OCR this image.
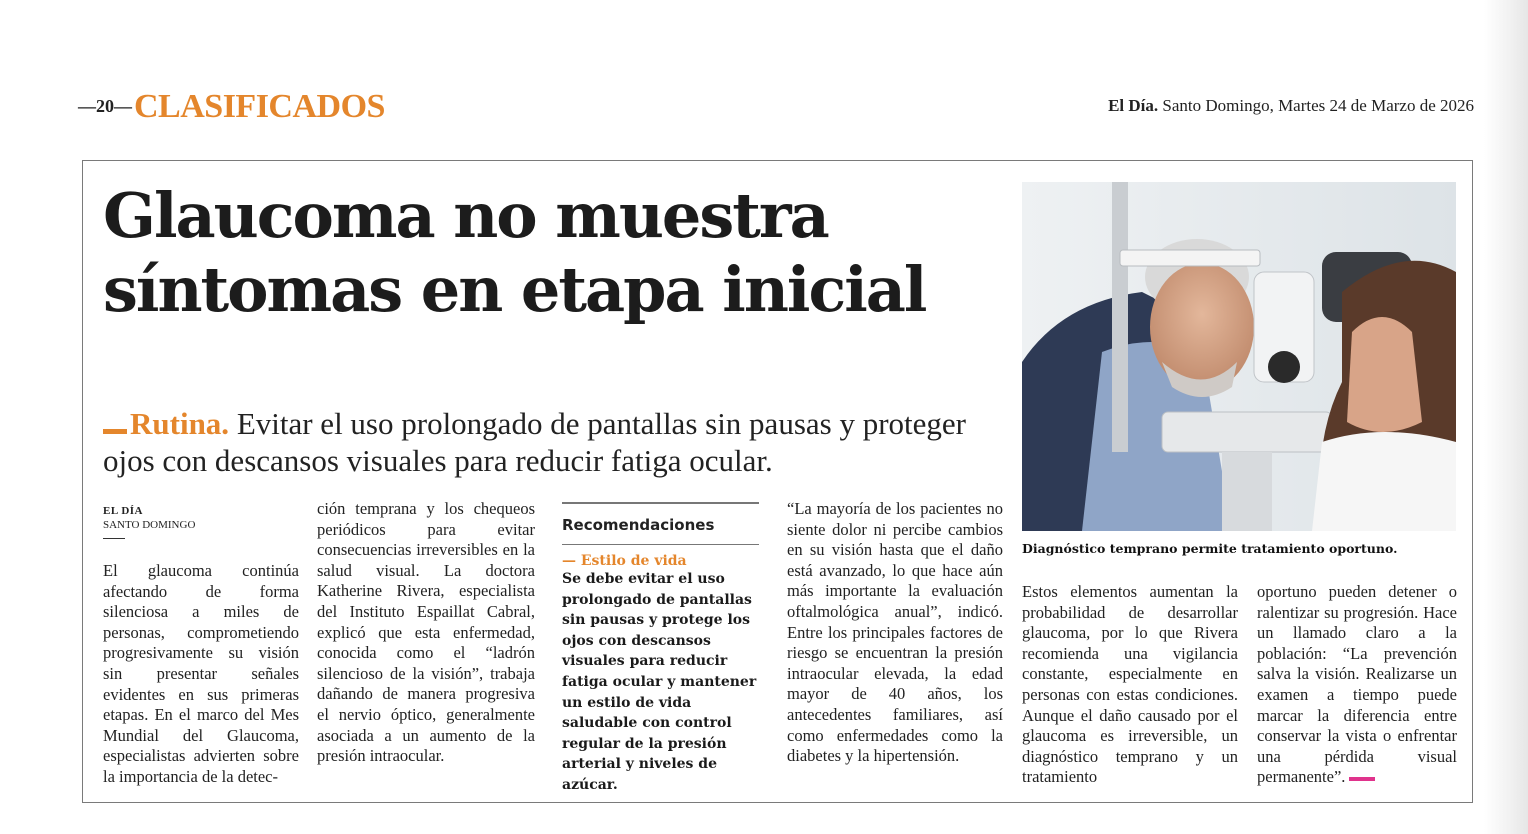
—20— CLASIFICADOS	El Día. Santo Domingo, Martes 24 de Marzo de 2026
Glaucoma no muestra
síntomas en etapa inicial
Rutina. Evitar el uso prolongado de pantallas sin pausas y proteger ojos con descansos visuales para reducir fatiga ocular.
Diagnóstico temprano permite tratamiento oportuno.
EL DÍA
SANTO DOMINGO

El glaucoma continúa afectando de forma silenciosa a miles de personas, comprometiendo progresivamente su visión sin presentar señales evidentes en sus primeras etapas. En el marco del Mes Mundial del Glaucoma, especialistas advierten sobre la importancia de la detec-

ción temprana y los chequeos periódicos para evitar consecuencias irreversibles en la salud visual. La doctora Katherine Rivera, especialista del Instituto Espaillat Cabral, explicó que esta enfermedad, conocida como el “ladrón silencioso de la visión”, trabaja dañando de manera progresiva el nervio óptico, generalmente asociada a un aumento de la presión intraocular.

Recomendaciones
— Estilo de vida
Se debe evitar el uso prolongado de pantallas sin pausas y protege los ojos con descansos visuales para reducir fatiga ocular y mantener un estilo de vida saludable con control regular de la presión arterial y niveles de azúcar.

“La mayoría de los pacientes no siente dolor ni percibe cambios en su visión hasta que el daño está avanzado, lo que hace aún más importante la evaluación oftalmológica anual”, indicó. Entre los principales factores de riesgo se encuentran la presión intraocular elevada, la edad mayor de 40 años, los antecedentes familiares, así como enfermedades como la diabetes y la hipertensión.

Estos elementos aumentan la probabilidad de desarrollar glaucoma, por lo que Rivera recomienda una vigilancia constante, especialmente en personas con estas condiciones. Aunque el daño causado por el glaucoma es irreversible, un diagnóstico temprano y un tratamiento

oportuno pueden detener o ralentizar su progresión. Hace un llamado claro a la población: “La prevención salva la visión. Realizarse un examen a tiempo puede marcar la diferencia entre conservar la vista o enfrentar una pérdida visual permanente”.
